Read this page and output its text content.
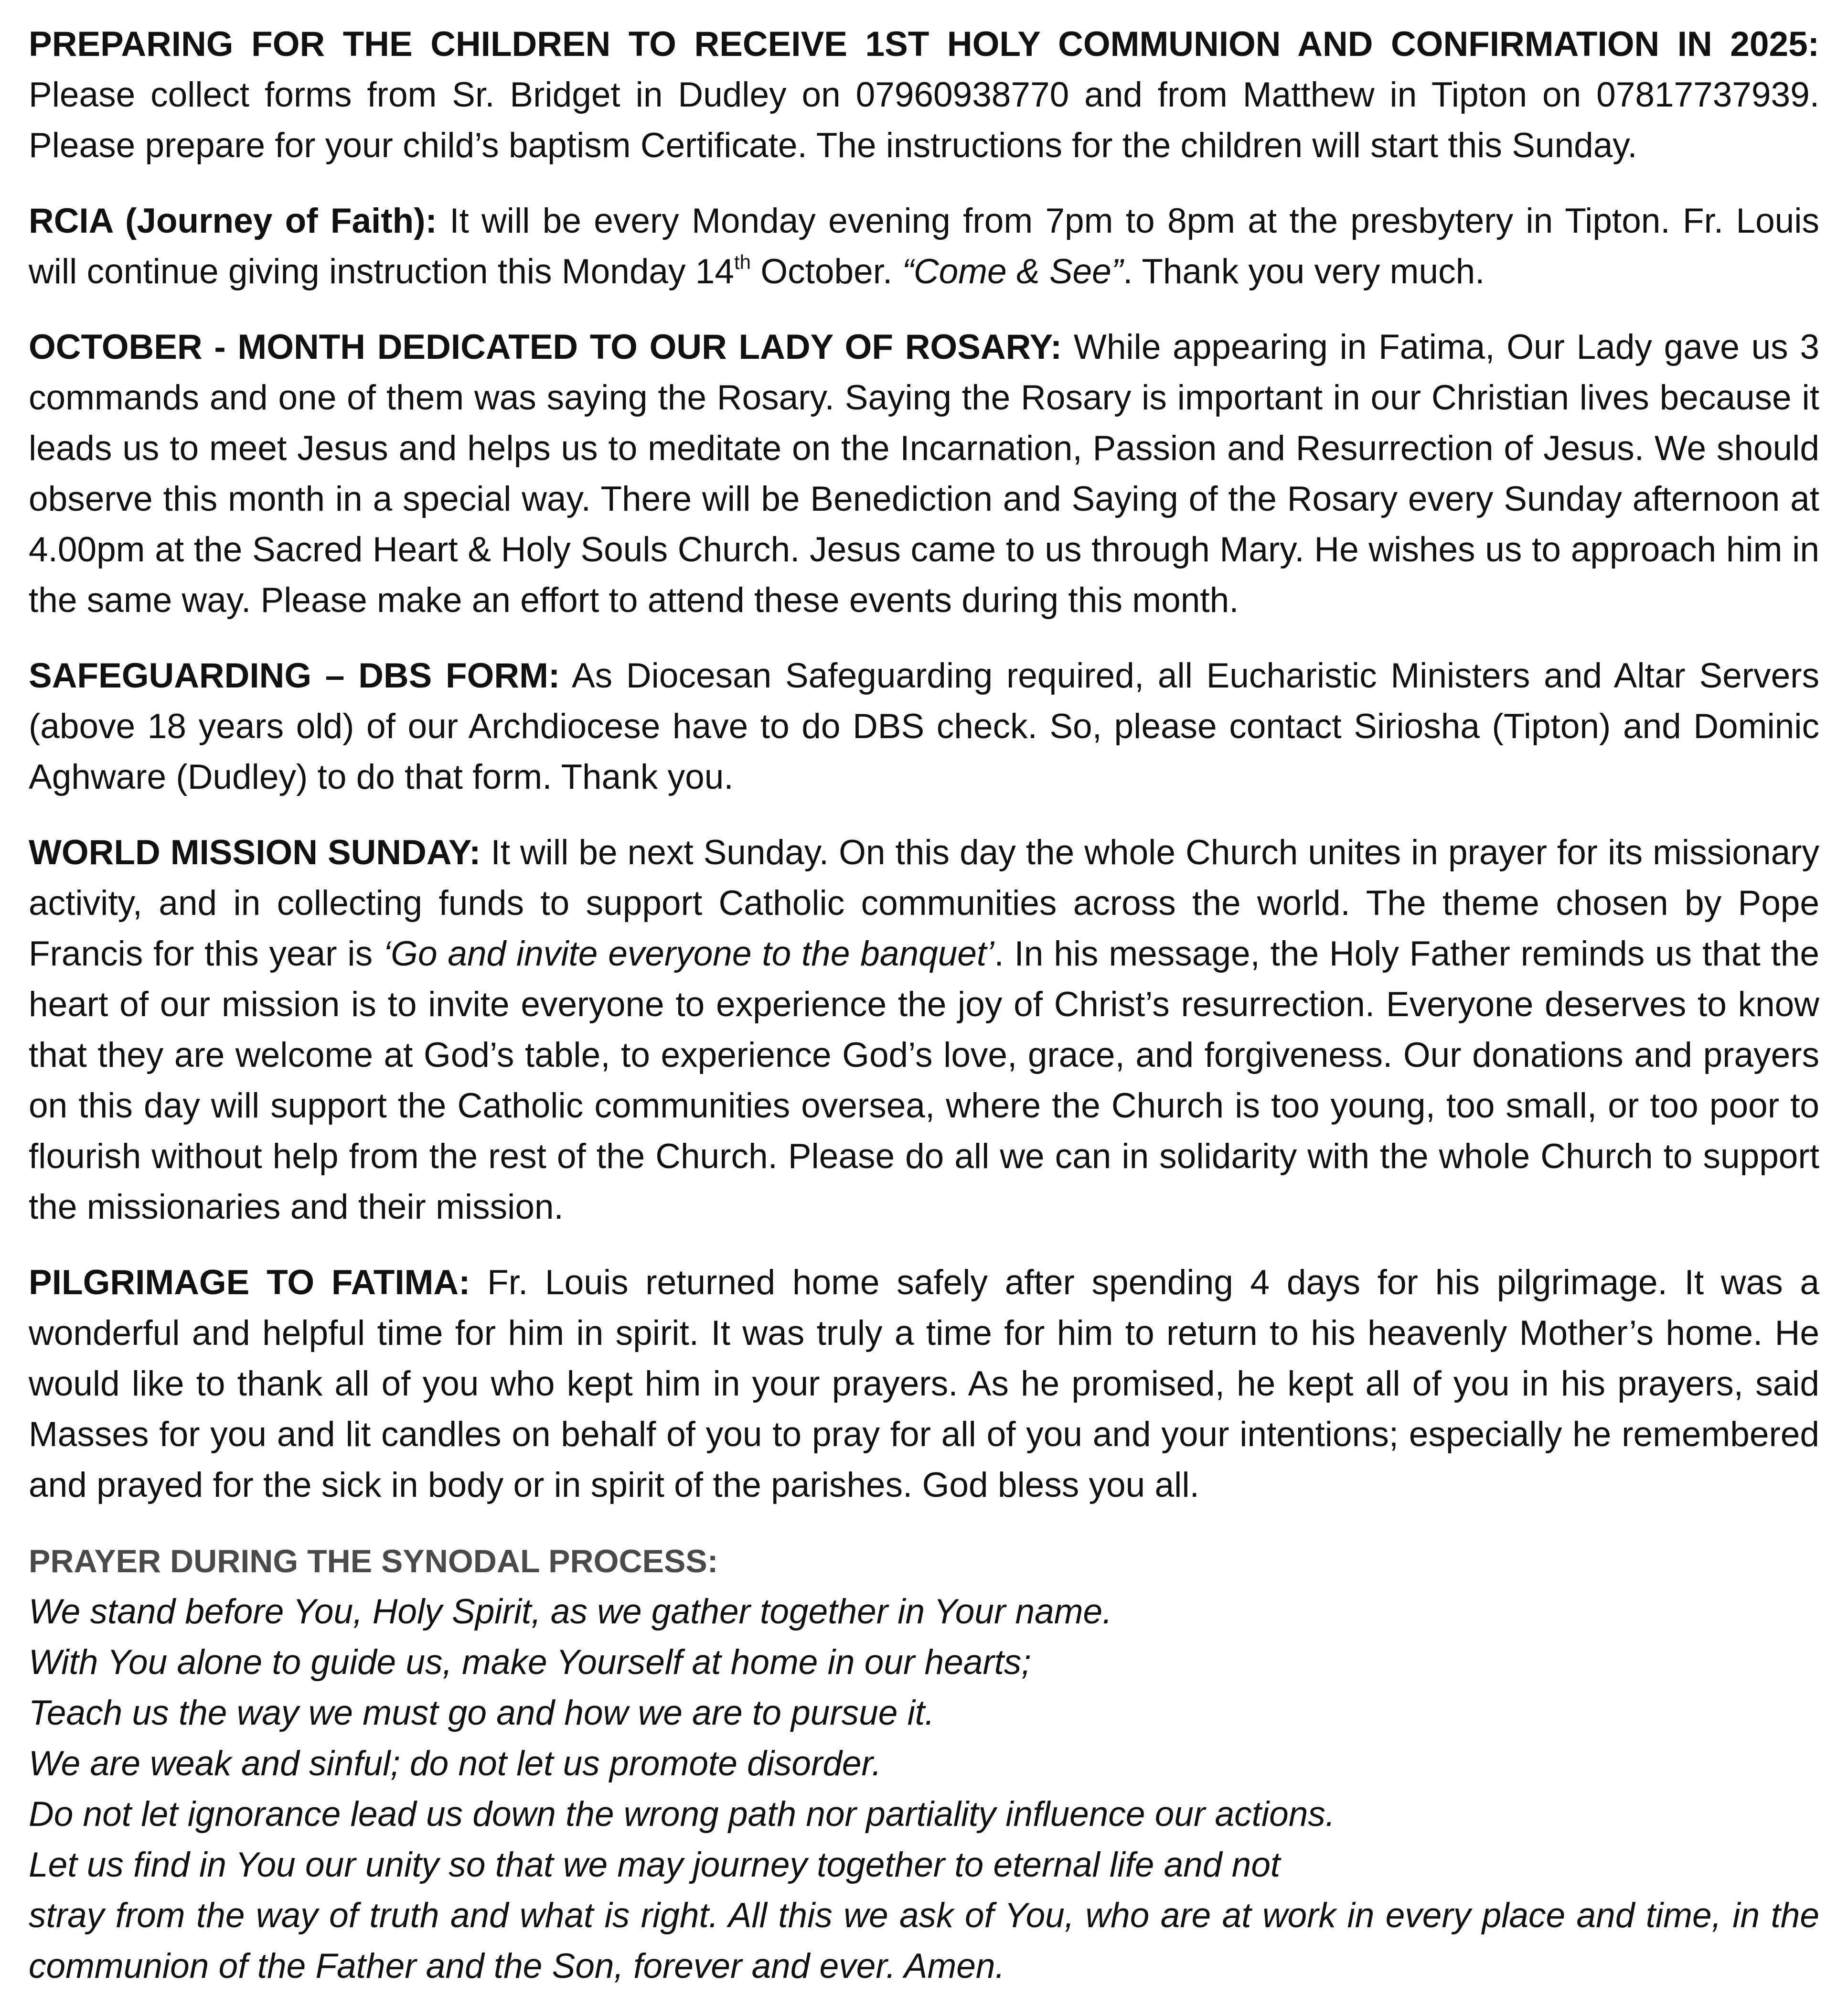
PREPARING FOR THE CHILDREN TO RECEIVE 1ST HOLY COMMUNION AND CONFIRMATION IN 2025: Please collect forms from Sr. Bridget in Dudley on 07960938770 and from Matthew in Tipton on 07817737939. Please prepare for your child’s baptism Certificate. The instructions for the children will start this Sunday.

RCIA (Journey of Faith): It will be every Monday evening from 7pm to 8pm at the presbytery in Tipton. Fr. Louis will continue giving instruction this Monday 14th October. “Come & See”. Thank you very much.

OCTOBER - MONTH DEDICATED TO OUR LADY OF ROSARY: While appearing in Fatima, Our Lady gave us 3 commands and one of them was saying the Rosary. Saying the Rosary is important in our Christian lives because it leads us to meet Jesus and helps us to meditate on the Incarnation, Passion and Resurrection of Jesus. We should observe this month in a special way. There will be Benediction and Saying of the Rosary every Sunday afternoon at 4.00pm at the Sacred Heart & Holy Souls Church. Jesus came to us through Mary. He wishes us to approach him in the same way. Please make an effort to attend these events during this month.

SAFEGUARDING – DBS FORM: As Diocesan Safeguarding required, all Eucharistic Ministers and Altar Servers (above 18 years old) of our Archdiocese have to do DBS check. So, please contact Siriosha (Tipton) and Dominic Aghware (Dudley) to do that form. Thank you.

WORLD MISSION SUNDAY: It will be next Sunday. On this day the whole Church unites in prayer for its missionary activity, and in collecting funds to support Catholic communities across the world. The theme chosen by Pope Francis for this year is ‘Go and invite everyone to the banquet’. In his message, the Holy Father reminds us that the heart of our mission is to invite everyone to experience the joy of Christ’s resurrection. Everyone deserves to know that they are welcome at God’s table, to experience God’s love, grace, and forgiveness. Our donations and prayers on this day will support the Catholic communities oversea, where the Church is too young, too small, or too poor to flourish without help from the rest of the Church. Please do all we can in solidarity with the whole Church to support the missionaries and their mission.

PILGRIMAGE TO FATIMA: Fr. Louis returned home safely after spending 4 days for his pilgrimage. It was a wonderful and helpful time for him in spirit. It was truly a time for him to return to his heavenly Mother’s home. He would like to thank all of you who kept him in your prayers. As he promised, he kept all of you in his prayers, said Masses for you and lit candles on behalf of you to pray for all of you and your intentions; especially he remembered and prayed for the sick in body or in spirit of the parishes. God bless you all.

PRAYER DURING THE SYNODAL PROCESS:
We stand before You, Holy Spirit, as we gather together in Your name.
With You alone to guide us, make Yourself at home in our hearts;
Teach us the way we must go and how we are to pursue it.
We are weak and sinful; do not let us promote disorder.
Do not let ignorance lead us down the wrong path nor partiality influence our actions.
Let us find in You our unity so that we may journey together to eternal life and not
stray from the way of truth and what is right. All this we ask of You, who are at work in every place and time, in the communion of the Father and the Son, forever and ever. Amen.
